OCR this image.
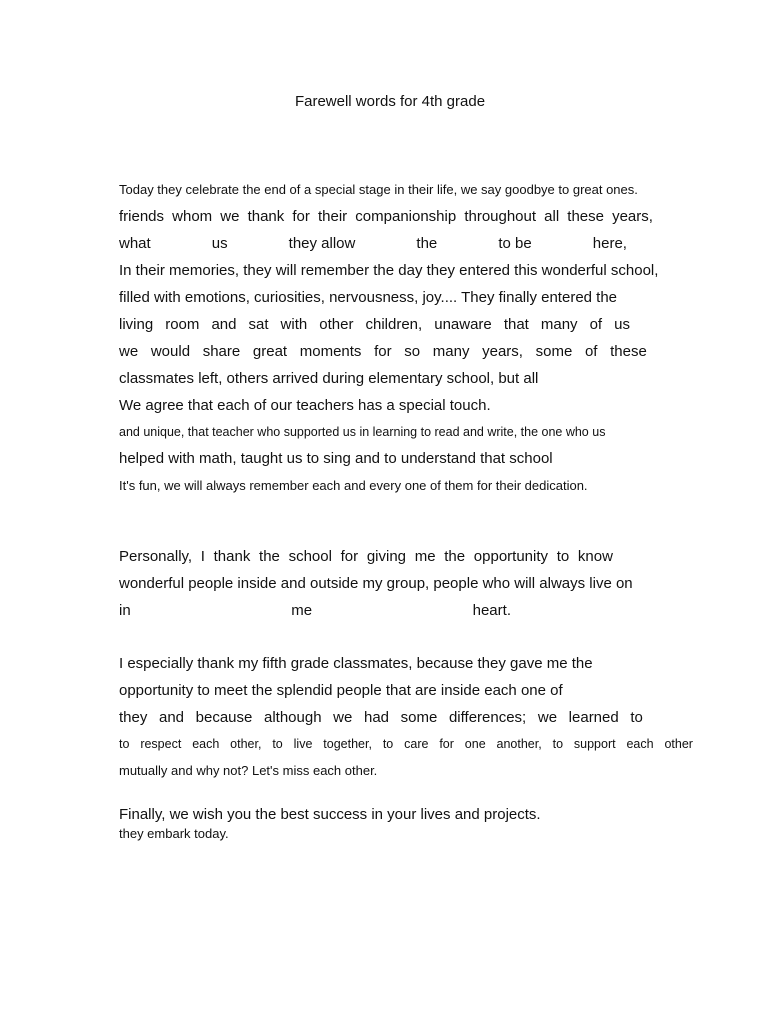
Farewell words for 4th grade
Today they celebrate the end of a special stage in their life, we say goodbye to great ones.
friends whom we thank for their companionship throughout all these years,
what	us	they allow	the	to be	here,
In their memories, they will remember the day they entered this wonderful school,
filled with emotions, curiosities, nervousness, joy.... They finally entered the
living room and sat with other children, unaware that many of us
we would share great moments for so many years, some of these
classmates left, others arrived during elementary school, but all
We agree that each of our teachers has a special touch.
and unique, that teacher who supported us in learning to read and write, the one who us
helped with math, taught us to sing and to understand that school
It's fun, we will always remember each and every one of them for their dedication.
Personally, I thank the school for giving me the opportunity to know
wonderful people inside and outside my group, people who will always live on
in	me	heart.
I especially thank my fifth grade classmates, because they gave me the
opportunity to meet the splendid people that are inside each one of
they and because although we had some differences; we learned to
to respect each other, to live together, to care for one another, to support each other
mutually and why not? Let's miss each other.
Finally, we wish you the best success in your lives and projects.
they embark today.
